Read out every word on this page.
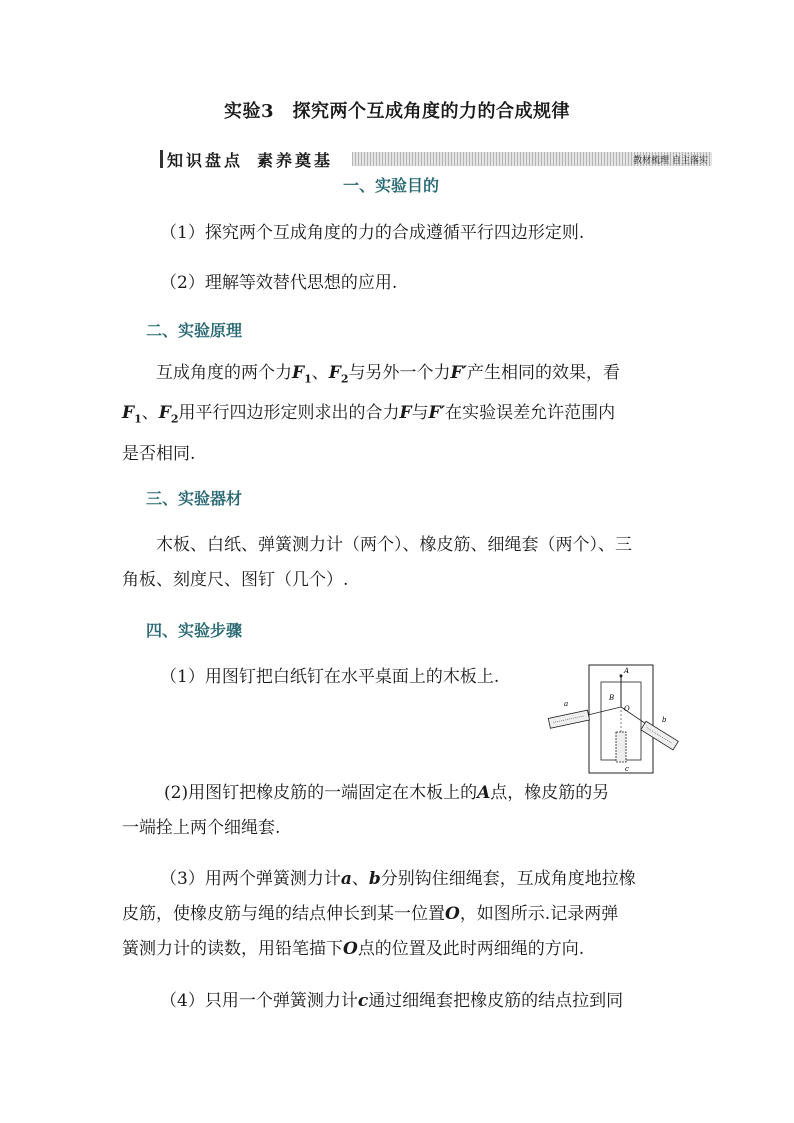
实验3　探究两个互成角度的力的合成规律
知识盘点 素养奠基	教材梳理 自主落实
一、实验目的
（1）探究两个互成角度的力的合成遵循平行四边形定则.
（2）理解等效替代思想的应用.
二、实验原理
互成角度的两个力$F_1$、$F_2$与另外一个力F′产生相同的效果，看
$F_1$、$F_2$用平行四边形定则求出的合力F与F′在实验误差允许范围内
是否相同.
三、实验器材
木板、白纸、弹簧测力计（两个）、橡皮筋、细绳套（两个）、三
角板、刻度尺、图钉（几个）.
四、实验步骤
（1）用图钉把白纸钉在水平桌面上的木板上.	A
B
O
a
b
c
(2)用图钉把橡皮筋的一端固定在木板上的A点，橡皮筋的另
一端拴上两个细绳套.
（3）用两个弹簧测力计a、b分别钩住细绳套，互成角度地拉橡
皮筋，使橡皮筋与绳的结点伸长到某一位置O，如图所示.记录两弹
簧测力计的读数，用铅笔描下O点的位置及此时两细绳的方向.
（4）只用一个弹簧测力计c通过细绳套把橡皮筋的结点拉到同
